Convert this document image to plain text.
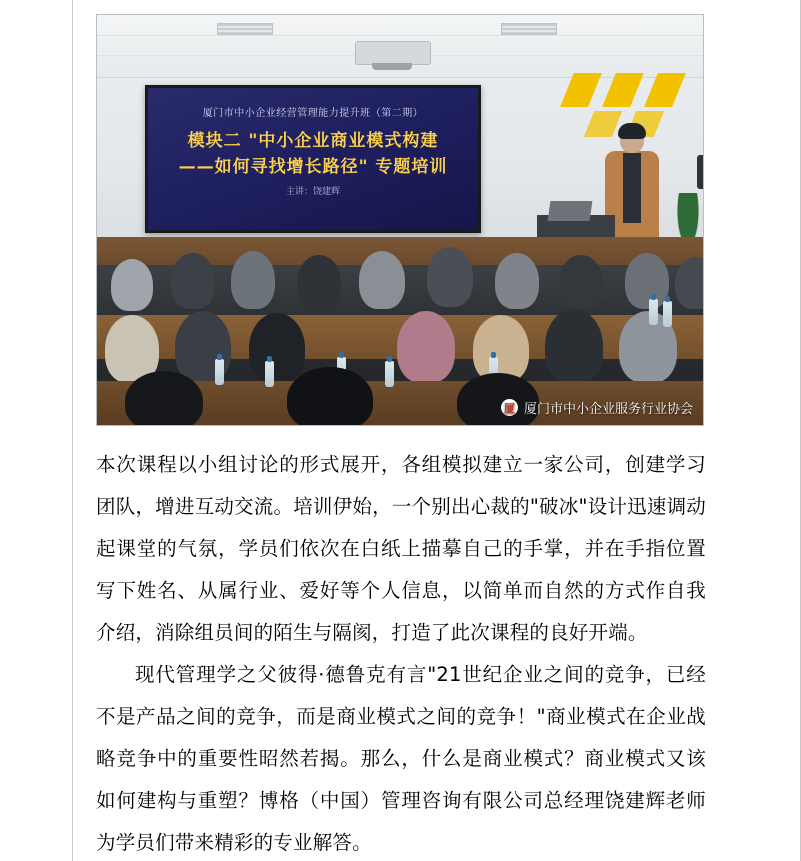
厦门市中小企业经营管理能力提升班（第二期）
模块二 "中小企业商业模式构建
——如何寻找增长路径" 专题培训
主讲：饶建辉
厦 厦门市中小企业服务行业协会

本次课程以小组讨论的形式展开，各组模拟建立一家公司，创建学习团队，增进互动交流。培训伊始，一个别出心裁的"破冰"设计迅速调动起课堂的气氛，学员们依次在白纸上描摹自己的手掌，并在手指位置写下姓名、从属行业、爱好等个人信息，以简单而自然的方式作自我介绍，消除组员间的陌生与隔阂，打造了此次课程的良好开端。

现代管理学之父彼得·德鲁克有言"21世纪企业之间的竞争，已经不是产品之间的竞争，而是商业模式之间的竞争！"商业模式在企业战略竞争中的重要性昭然若揭。那么，什么是商业模式？商业模式又该如何建构与重塑？博格（中国）管理咨询有限公司总经理饶建辉老师为学员们带来精彩的专业解答。
